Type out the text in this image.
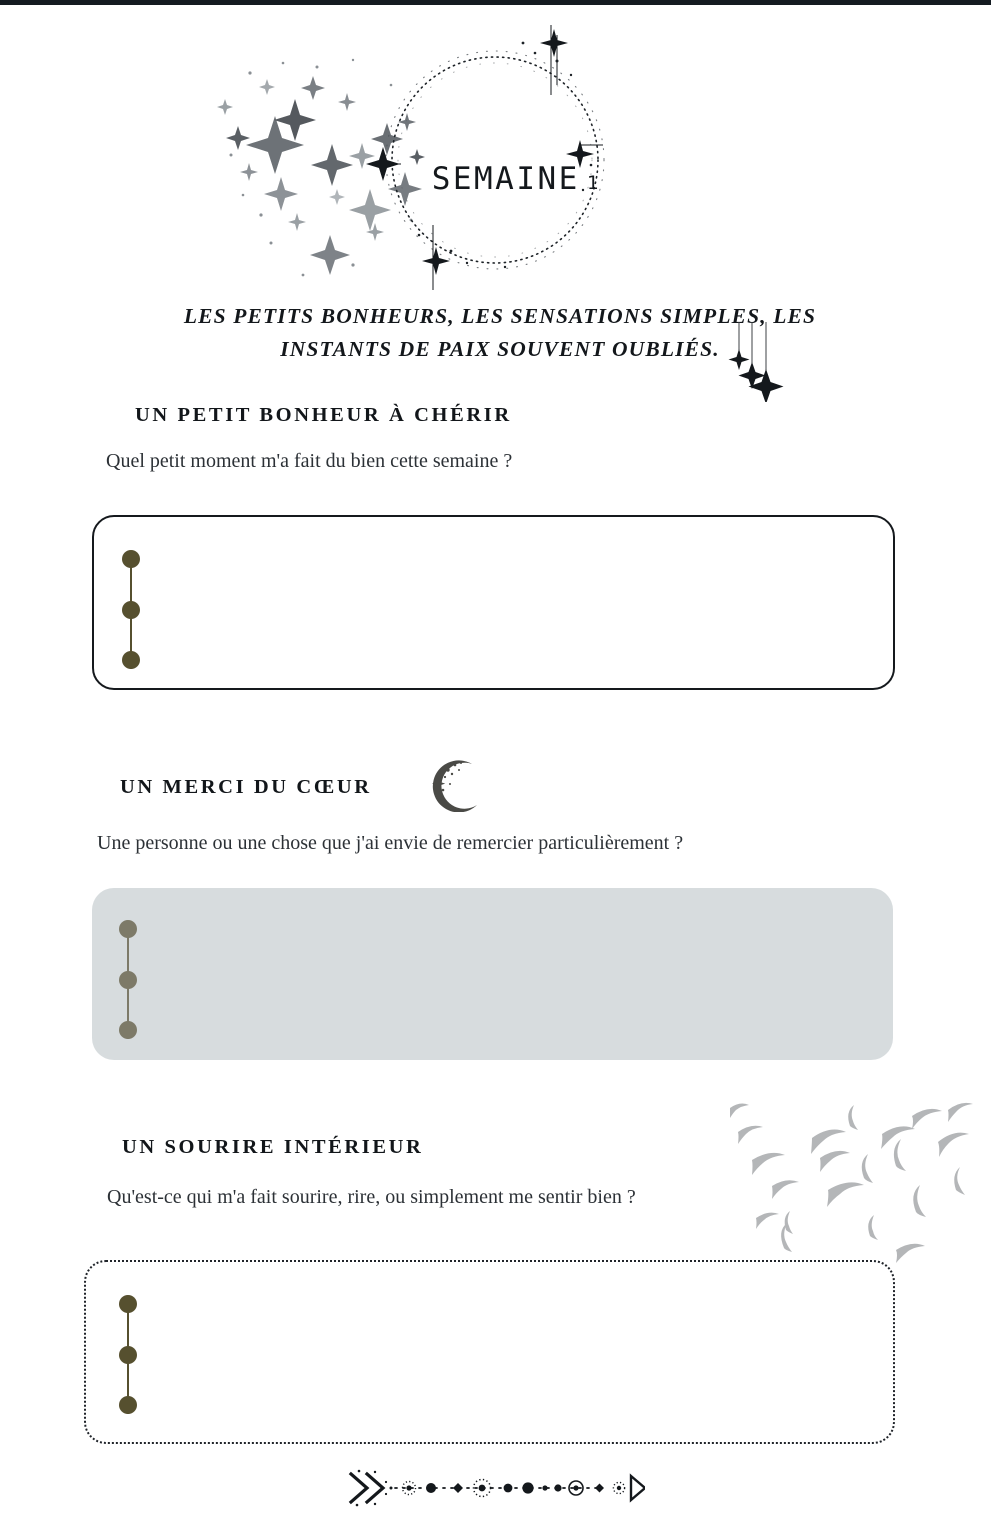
SEMAINE 1
LES PETITS BONHEURS, LES SENSATIONS SIMPLES, LES
INSTANTS DE PAIX SOUVENT OUBLIÉS.
UN PETIT BONHEUR À CHÉRIR
Quel petit moment m'a fait du bien cette semaine ?
UN MERCI DU CŒUR
Une personne ou une chose que j'ai envie de remercier particulièrement ?
UN SOURIRE INTÉRIEUR
Qu'est-ce qui m'a fait sourire, rire, ou simplement me sentir bien ?
